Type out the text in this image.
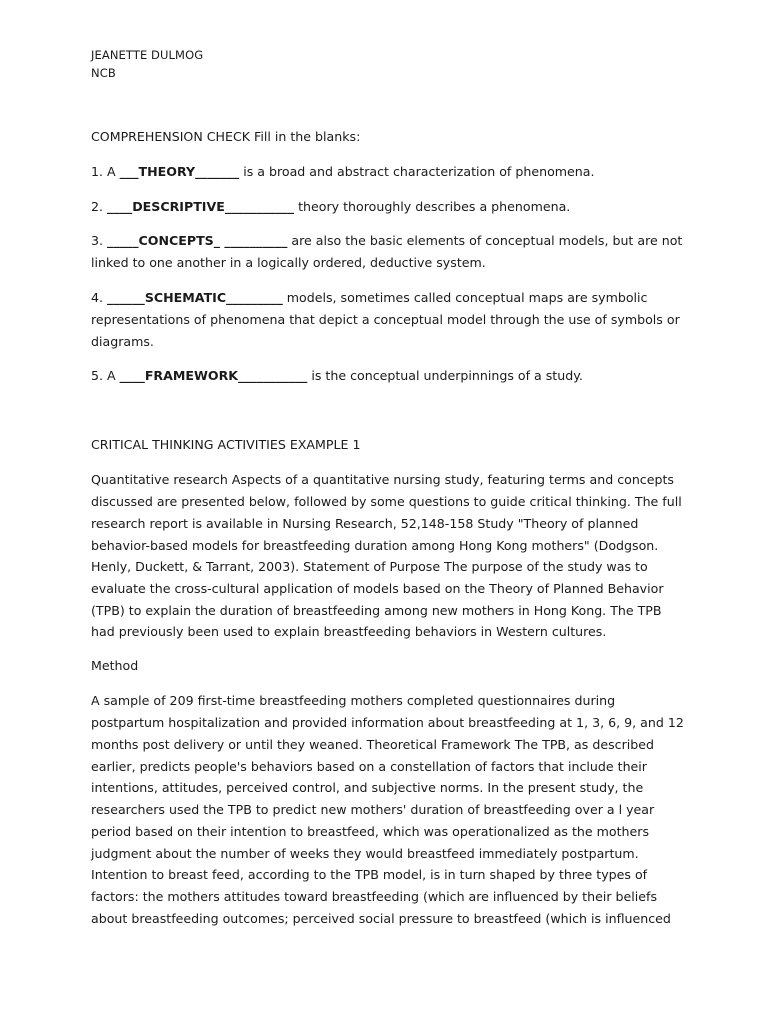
JEANETTE DULMOG
NCB
COMPREHENSION CHECK Fill in the blanks:
1. A ___THEORY_______ is a broad and abstract characterization of phenomena.
2. ____DESCRIPTIVE___________ theory thoroughly describes a phenomena.
3. _____CONCEPTS_ __________ are also the basic elements of conceptual models, but are not
linked to one another in a logically ordered, deductive system.
4. ______SCHEMATIC_________ models, sometimes called conceptual maps are symbolic
representations of phenomena that depict a conceptual model through the use of symbols or
diagrams.
5. A ____FRAMEWORK___________ is the conceptual underpinnings of a study.
CRITICAL THINKING ACTIVITIES EXAMPLE 1
Quantitative research Aspects of a quantitative nursing study, featuring terms and concepts
discussed are presented below, followed by some questions to guide critical thinking. The full
research report is available in Nursing Research, 52,148-158 Study "Theory of planned
behavior-based models for breastfeeding duration among Hong Kong mothers" (Dodgson.
Henly, Duckett, & Tarrant, 2003). Statement of Purpose The purpose of the study was to
evaluate the cross-cultural application of models based on the Theory of Planned Behavior
(TPB) to explain the duration of breastfeeding among new mothers in Hong Kong. The TPB
had previously been used to explain breastfeeding behaviors in Western cultures.
Method
A sample of 209 first-time breastfeeding mothers completed questionnaires during
postpartum hospitalization and provided information about breastfeeding at 1, 3, 6, 9, and 12
months post delivery or until they weaned. Theoretical Framework The TPB, as described
earlier, predicts people's behaviors based on a constellation of factors that include their
intentions, attitudes, perceived control, and subjective norms. In the present study, the
researchers used the TPB to predict new mothers' duration of breastfeeding over a l year
period based on their intention to breastfeed, which was operationalized as the mothers
judgment about the number of weeks they would breastfeed immediately postpartum.
Intention to breast feed, according to the TPB model, is in turn shaped by three types of
factors: the mothers attitudes toward breastfeeding (which are influenced by their beliefs
about breastfeeding outcomes; perceived social pressure to breastfeed (which is influenced
